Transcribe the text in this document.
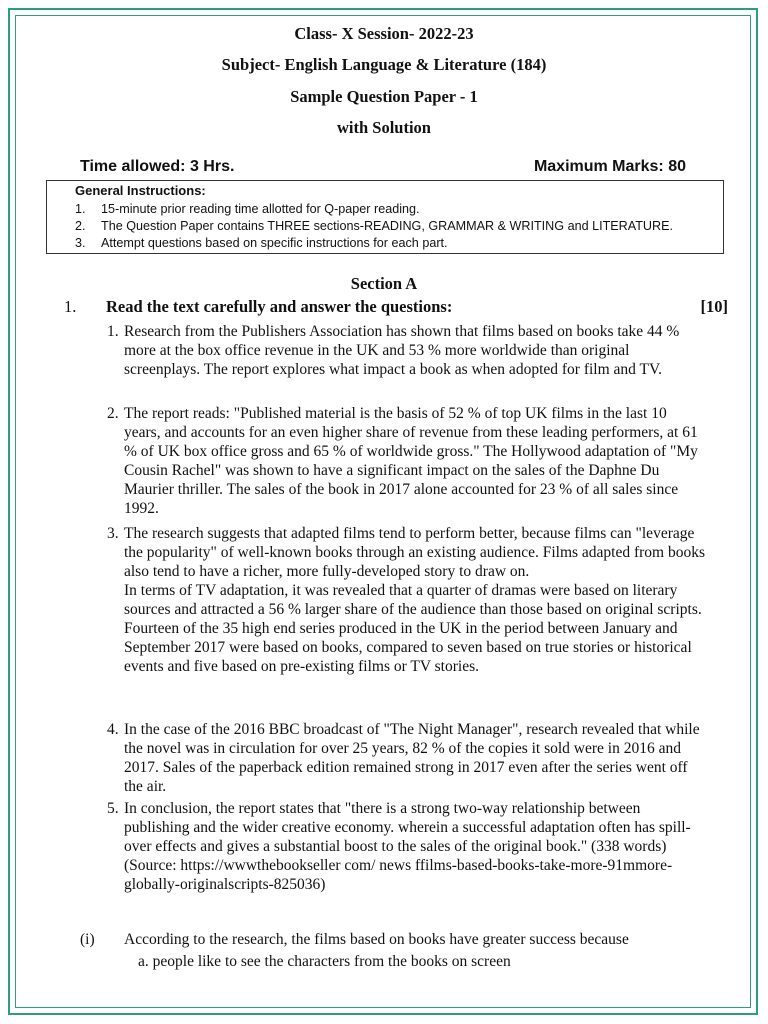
Class- X Session- 2022-23
Subject- English Language & Literature (184)
Sample Question Paper - 1
with Solution
Time allowed: 3 Hrs.	Maximum Marks: 80
General Instructions:
1. 15-minute prior reading time allotted for Q-paper reading.
2. The Question Paper contains THREE sections-READING, GRAMMAR & WRITING and LITERATURE.
3. Attempt questions based on specific instructions for each part.
Section A
1. Read the text carefully and answer the questions:	[10]
1. Research from the Publishers Association has shown that films based on books take 44 % more at the box office revenue in the UK and 53 % more worldwide than original screenplays. The report explores what impact a book as when adopted for film and TV.
2. The report reads: "Published material is the basis of 52 % of top UK films in the last 10 years, and accounts for an even higher share of revenue from these leading performers, at 61 % of UK box office gross and 65 % of worldwide gross." The Hollywood adaptation of "My Cousin Rachel" was shown to have a significant impact on the sales of the Daphne Du Maurier thriller. The sales of the book in 2017 alone accounted for 23 % of all sales since 1992.
3. The research suggests that adapted films tend to perform better, because films can "leverage the popularity" of well-known books through an existing audience. Films adapted from books also tend to have a richer, more fully-developed story to draw on.
In terms of TV adaptation, it was revealed that a quarter of dramas were based on literary sources and attracted a 56 % larger share of the audience than those based on original scripts. Fourteen of the 35 high end series produced in the UK in the period between January and September 2017 were based on books, compared to seven based on true stories or historical events and five based on pre-existing films or TV stories.
4. In the case of the 2016 BBC broadcast of "The Night Manager", research revealed that while the novel was in circulation for over 25 years, 82 % of the copies it sold were in 2016 and 2017. Sales of the paperback edition remained strong in 2017 even after the series went off the air.
5. In conclusion, the report states that "there is a strong two-way relationship between publishing and the wider creative economy. wherein a successful adaptation often has spill-over effects and gives a substantial boost to the sales of the original book." (338 words)
(Source: https://wwwthebookseller com/ news ffilms-based-books-take-more-91mmore-globally-originalscripts-825036)
(i) According to the research, the films based on books have greater success because
a. people like to see the characters from the books on screen
